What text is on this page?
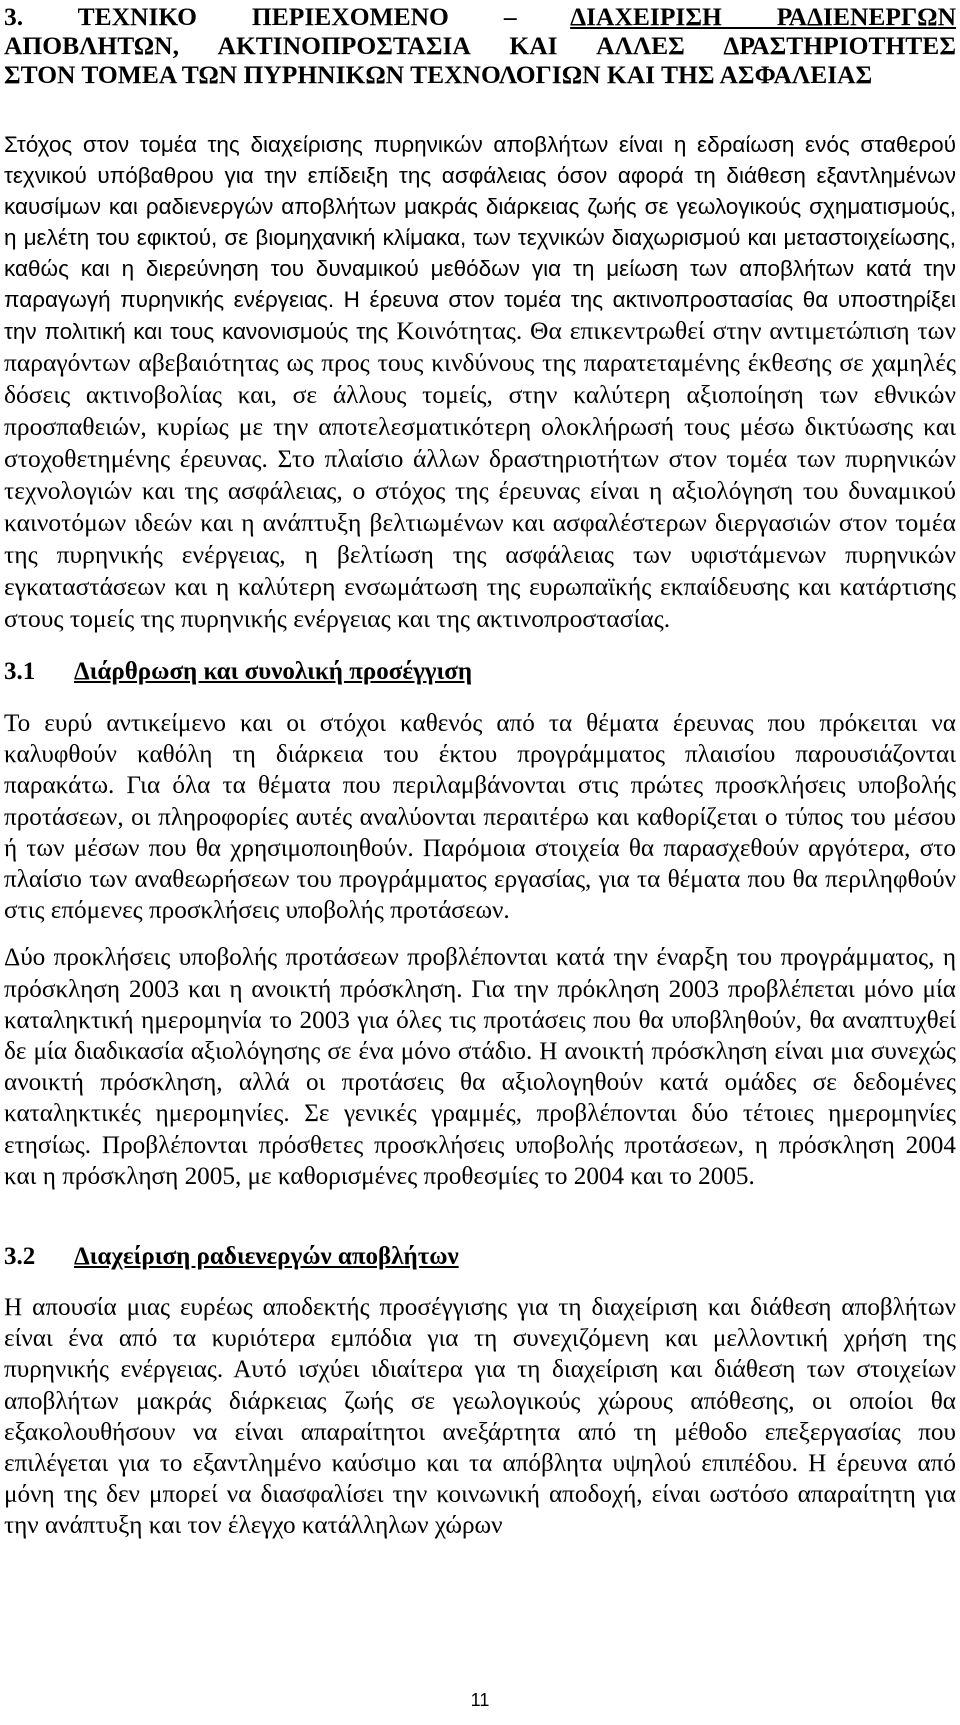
3. ΤΕΧΝΙΚΟ ΠΕΡΙΕΧΟΜΕΝΟ – ΔΙΑΧΕΙΡΙΣΗ ΡΑΔΙΕΝΕΡΓΩΝ
ΑΠΟΒΛΗΤΩΝ, ΑΚΤΙΝΟΠΡΟΣΤΑΣΙΑ ΚΑΙ ΑΛΛΕΣ ΔΡΑΣΤΗΡΙΟΤΗΤΕΣ
ΣΤΟΝ ΤΟΜΕΑ ΤΩΝ ΠΥΡΗΝΙΚΩΝ ΤΕΧΝΟΛΟΓΙΩΝ ΚΑΙ ΤΗΣ ΑΣΦΑΛΕΙΑΣ

Στόχος στον τομέα της διαχείρισης πυρηνικών αποβλήτων είναι η εδραίωση ενός σταθερού τεχνικού υπόβαθρου για την επίδειξη της ασφάλειας όσον αφορά τη διάθεση εξαντλημένων καυσίμων και ραδιενεργών αποβλήτων μακράς διάρκειας ζωής σε γεωλογικούς σχηματισμούς, η μελέτη του εφικτού, σε βιομηχανική κλίμακα, των τεχνικών διαχωρισμού και μεταστοιχείωσης, καθώς και η διερεύνηση του δυναμικού μεθόδων για τη μείωση των αποβλήτων κατά την παραγωγή πυρηνικής ενέργειας. Η έρευνα στον τομέα της ακτινοπροστασίας θα υποστηρίξει την πολιτική και τους κανονισμούς της Κοινότητας. Θα επικεντρωθεί στην αντιμετώπιση των παραγόντων αβεβαιότητας ως προς τους κινδύνους της παρατεταμένης έκθεσης σε χαμηλές δόσεις ακτινοβολίας και, σε άλλους τομείς, στην καλύτερη αξιοποίηση των εθνικών προσπαθειών, κυρίως με την αποτελεσματικότερη ολοκλήρωσή τους μέσω δικτύωσης και στοχοθετημένης έρευνας. Στο πλαίσιο άλλων δραστηριοτήτων στον τομέα των πυρηνικών τεχνολογιών και της ασφάλειας, ο στόχος της έρευνας είναι η αξιολόγηση του δυναμικού καινοτόμων ιδεών και η ανάπτυξη βελτιωμένων και ασφαλέστερων διεργασιών στον τομέα της πυρηνικής ενέργειας, η βελτίωση της ασφάλειας των υφιστάμενων πυρηνικών εγκαταστάσεων και η καλύτερη ενσωμάτωση της ευρωπαϊκής εκπαίδευσης και κατάρτισης στους τομείς της πυρηνικής ενέργειας και της ακτινοπροστασίας.

3.1 Διάρθρωση και συνολική προσέγγιση

Το ευρύ αντικείμενο και οι στόχοι καθενός από τα θέματα έρευνας που πρόκειται να καλυφθούν καθόλη τη διάρκεια του έκτου προγράμματος πλαισίου παρουσιάζονται παρακάτω. Για όλα τα θέματα που περιλαμβάνονται στις πρώτες προσκλήσεις υποβολής προτάσεων, οι πληροφορίες αυτές αναλύονται περαιτέρω και καθορίζεται ο τύπος του μέσου ή των μέσων που θα χρησιμοποιηθούν. Παρόμοια στοιχεία θα παρασχεθούν αργότερα, στο πλαίσιο των αναθεωρήσεων του προγράμματος εργασίας, για τα θέματα που θα περιληφθούν στις επόμενες προσκλήσεις υποβολής προτάσεων.

Δύο προκλήσεις υποβολής προτάσεων προβλέπονται κατά την έναρξη του προγράμματος, η πρόσκληση 2003 και η ανοικτή πρόσκληση. Για την πρόκληση 2003 προβλέπεται μόνο μία καταληκτική ημερομηνία το 2003 για όλες τις προτάσεις που θα υποβληθούν, θα αναπτυχθεί δε μία διαδικασία αξιολόγησης σε ένα μόνο στάδιο. Η ανοικτή πρόσκληση είναι μια συνεχώς ανοικτή πρόσκληση, αλλά οι προτάσεις θα αξιολογηθούν κατά ομάδες σε δεδομένες καταληκτικές ημερομηνίες. Σε γενικές γραμμές, προβλέπονται δύο τέτοιες ημερομηνίες ετησίως. Προβλέπονται πρόσθετες προσκλήσεις υποβολής προτάσεων, η πρόσκληση 2004 και η πρόσκληση 2005, με καθορισμένες προθεσμίες το 2004 και το 2005.

3.2 Διαχείριση ραδιενεργών αποβλήτων

Η απουσία μιας ευρέως αποδεκτής προσέγγισης για τη διαχείριση και διάθεση αποβλήτων είναι ένα από τα κυριότερα εμπόδια για τη συνεχιζόμενη και μελλοντική χρήση της πυρηνικής ενέργειας. Αυτό ισχύει ιδιαίτερα για τη διαχείριση και διάθεση των στοιχείων αποβλήτων μακράς διάρκειας ζωής σε γεωλογικούς χώρους απόθεσης, οι οποίοι θα εξακολουθήσουν να είναι απαραίτητοι ανεξάρτητα από τη μέθοδο επεξεργασίας που επιλέγεται για το εξαντλημένο καύσιμο και τα απόβλητα υψηλού επιπέδου. Η έρευνα από μόνη της δεν μπορεί να διασφαλίσει την κοινωνική αποδοχή, είναι ωστόσο απαραίτητη για την ανάπτυξη και τον έλεγχο κατάλληλων χώρων

11
